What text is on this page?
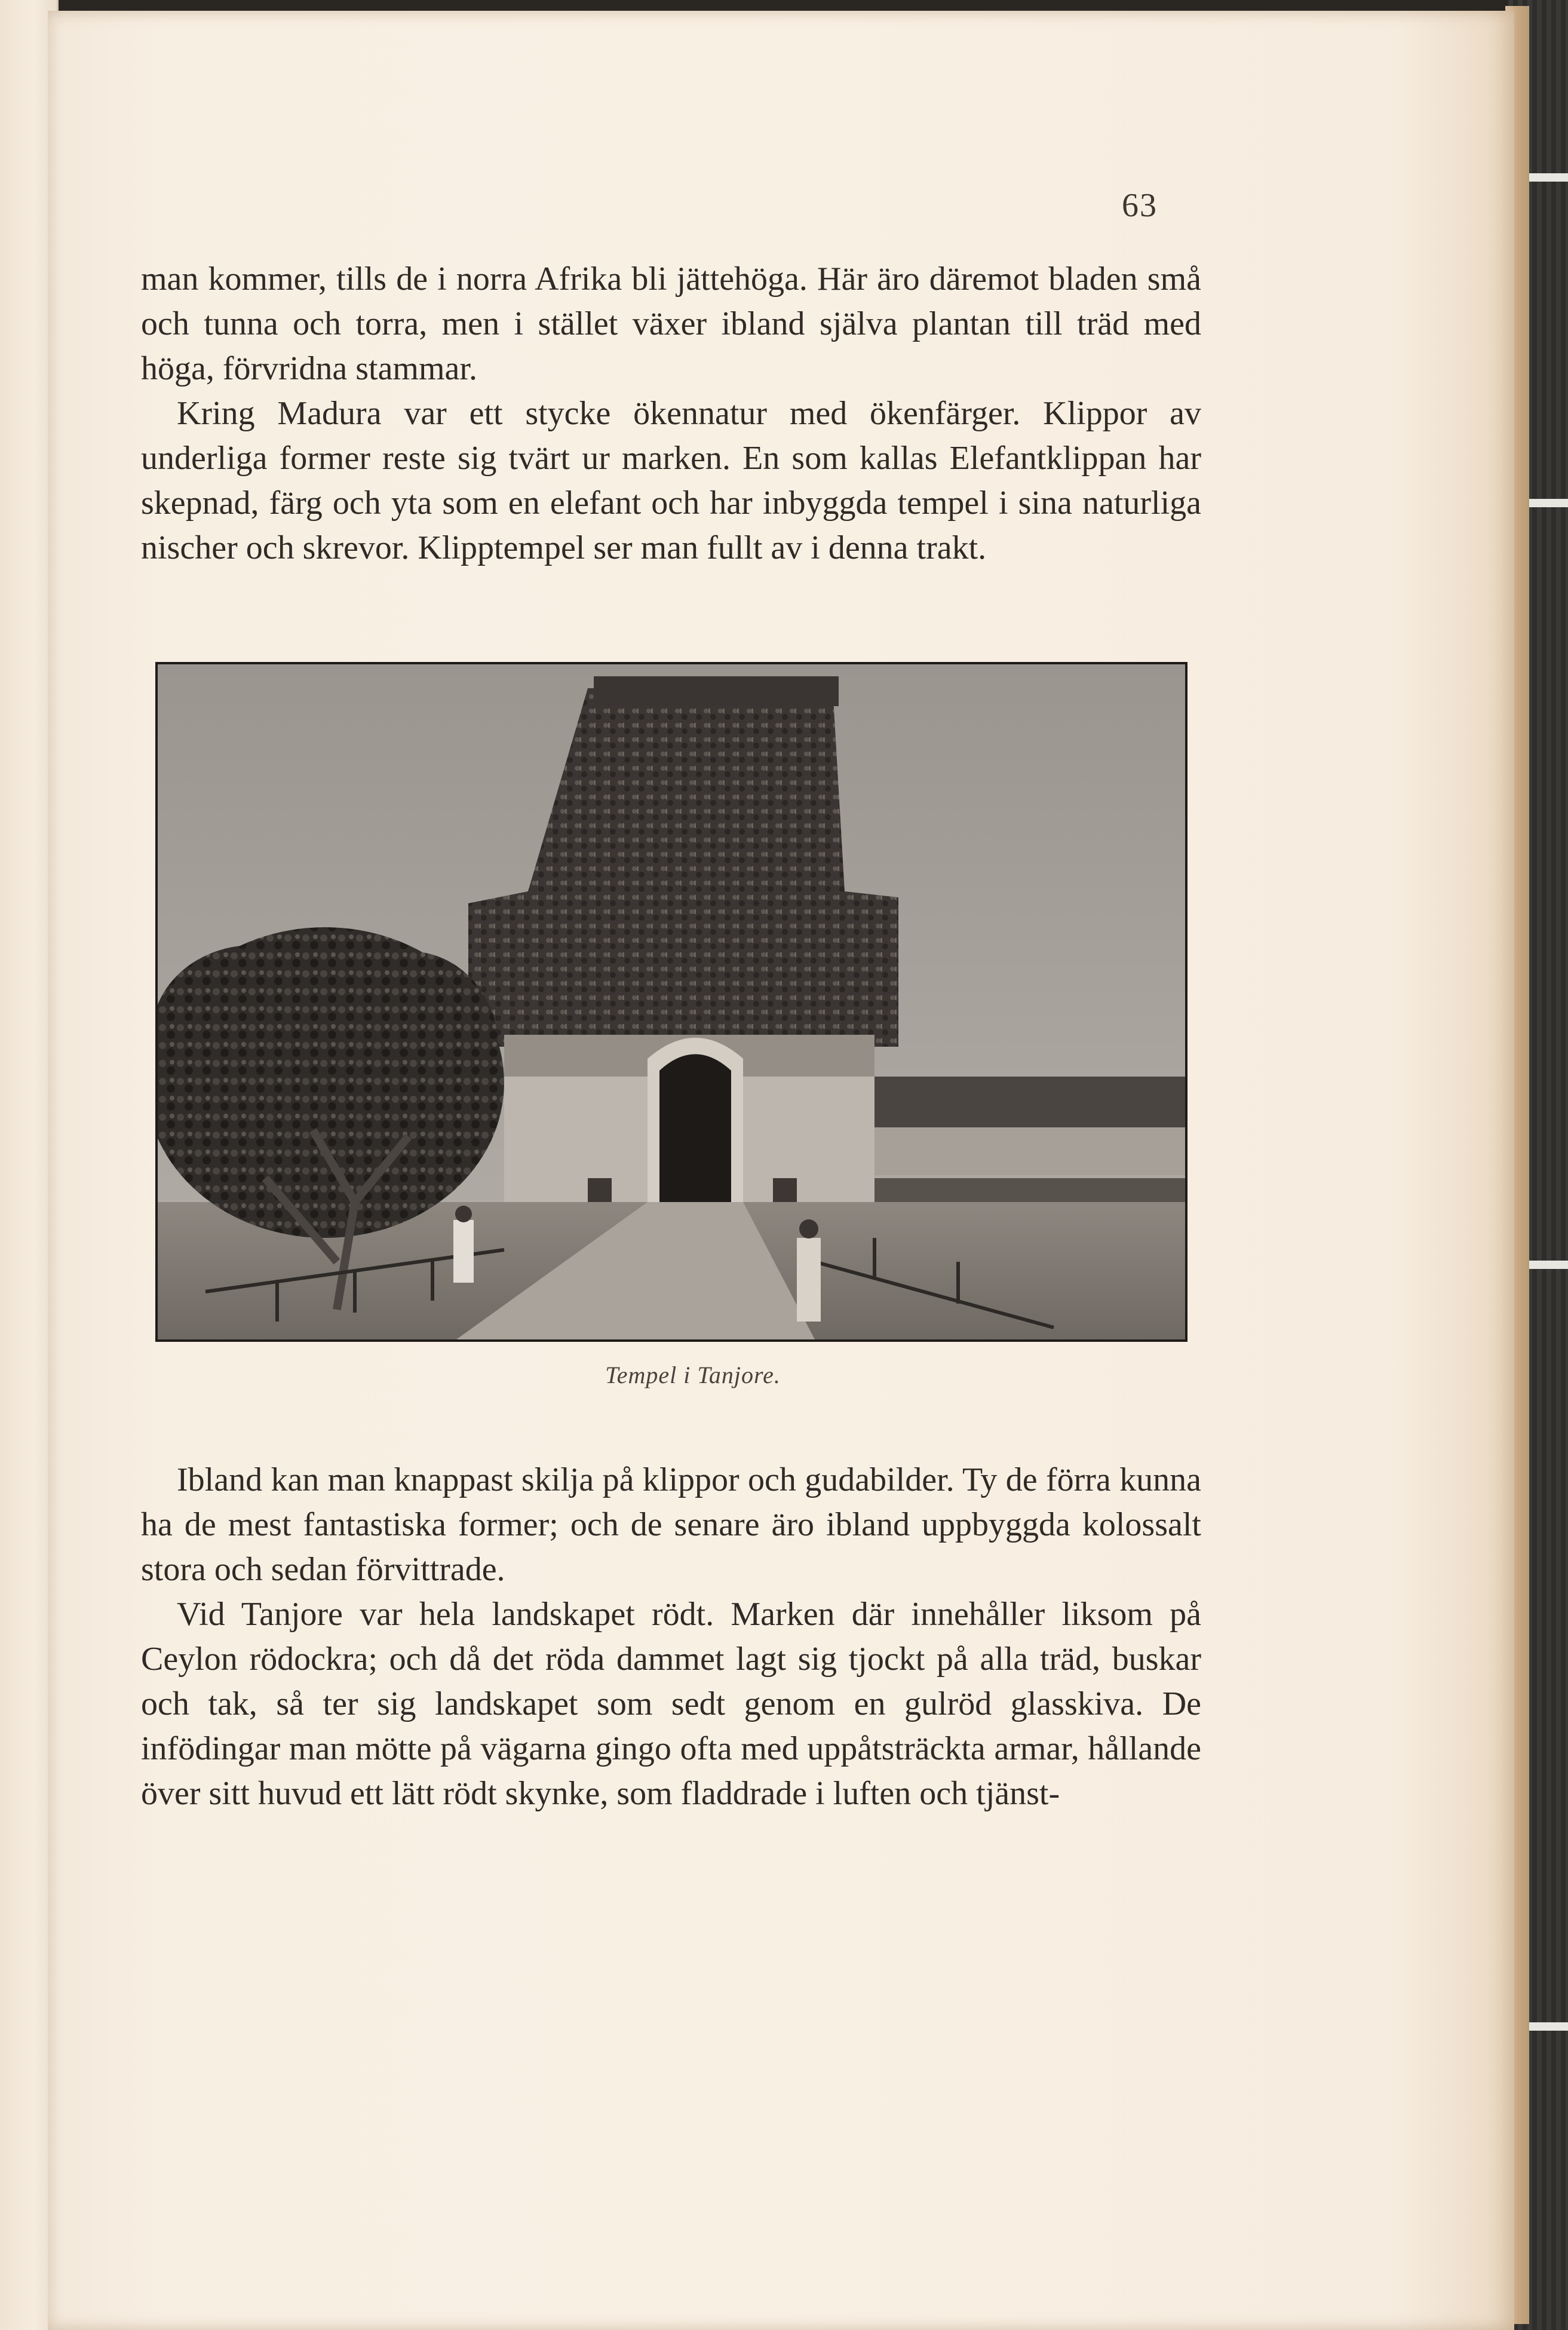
63

man kommer, tills de i norra Afrika bli jättehöga. Här äro däremot bladen små och tunna och torra, men i stället växer ibland själva plantan till träd med höga, förvridna stammar.

Kring Madura var ett stycke ökennatur med ökenfärger. Klippor av underliga former reste sig tvärt ur marken. En som kallas Elefantklippan har skepnad, färg och yta som en elefant och har inbyggda tempel i sina naturliga nischer och skrevor. Klipptempel ser man fullt av i denna trakt.

Tempel i Tanjore.

Ibland kan man knappast skilja på klippor och gudabilder. Ty de förra kunna ha de mest fantastiska former; och de senare äro ibland uppbyggda kolossalt stora och sedan förvittrade.

Vid Tanjore var hela landskapet rödt. Marken där innehåller liksom på Ceylon rödockra; och då det röda dammet lagt sig tjockt på alla träd, buskar och tak, så ter sig landskapet som sedt genom en gulröd glasskiva. De infödingar man mötte på vägarna gingo ofta med uppåtsträckta armar, hållande över sitt huvud ett lätt rödt skynke, som fladdrade i luften och tjänst-
